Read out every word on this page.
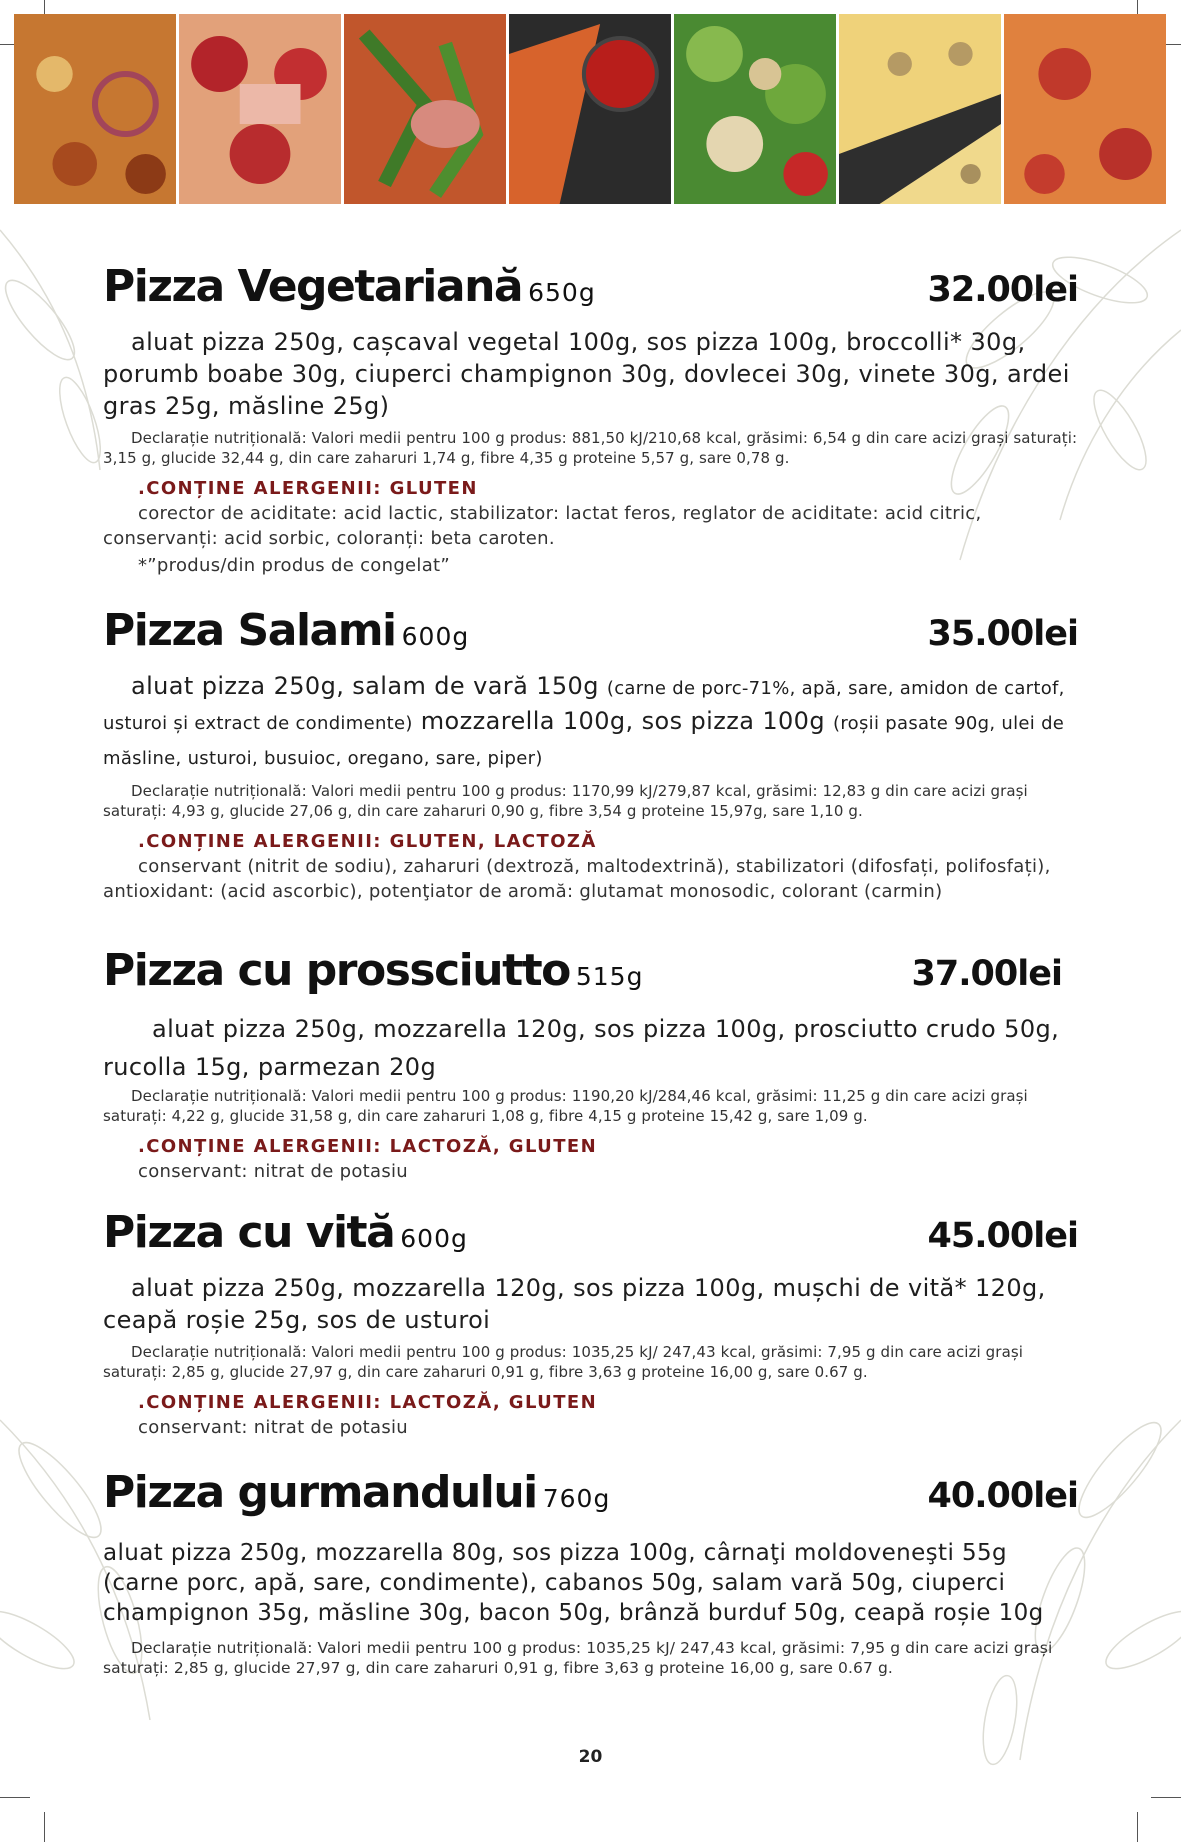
Pizza Vegetariană 650g	32.00lei
aluat pizza 250g, cașcaval vegetal 100g, sos pizza 100g, broccolli* 30g, porumb boabe 30g, ciuperci champignon 30g, dovlecei 30g, vinete 30g, ardei gras 25g, măsline 25g)
Declarație nutrițională: Valori medii pentru 100 g produs: 881,50 kJ/210,68 kcal, grăsimi: 6,54 g din care acizi grași saturați: 3,15 g, glucide 32,44 g, din care zaharuri 1,74 g, fibre 4,35 g proteine 5,57 g, sare 0,78 g.
.CONȚINE ALERGENII: GLUTEN
corector de aciditate: acid lactic, stabilizator: lactat feros, reglator de aciditate: acid citric, conservanți: acid sorbic, coloranți: beta caroten.
*”produs/din produs de congelat”
Pizza Salami 600g	35.00lei
aluat pizza 250g, salam de vară 150g (carne de porc-71%, apă, sare, amidon de cartof, usturoi și extract de condimente) mozzarella 100g, sos pizza 100g (roșii pasate 90g, ulei de măsline, usturoi, busuioc, oregano, sare, piper)
Declarație nutrițională: Valori medii pentru 100 g produs: 1170,99 kJ/279,87 kcal, grăsimi: 12,83 g din care acizi grași saturați: 4,93 g, glucide 27,06 g, din care zaharuri 0,90 g, fibre 3,54 g proteine 15,97g, sare 1,10 g.
.CONȚINE ALERGENII: GLUTEN, LACTOZĂ
conservant (nitrit de sodiu), zaharuri (dextroză, maltodextrină), stabilizatori (difosfați, polifosfați), antioxidant: (acid ascorbic), potenţiator de aromă: glutamat monosodic, colorant (carmin)
Pizza cu prossciutto 515g	37.00lei
aluat pizza 250g, mozzarella 120g, sos pizza 100g, prosciutto crudo 50g, rucolla 15g, parmezan 20g
Declarație nutrițională: Valori medii pentru 100 g produs: 1190,20 kJ/284,46 kcal, grăsimi: 11,25 g din care acizi grași saturați: 4,22 g, glucide 31,58 g, din care zaharuri 1,08 g, fibre 4,15 g proteine 15,42 g, sare 1,09 g.
.CONȚINE ALERGENII: LACTOZĂ, GLUTEN
conservant: nitrat de potasiu
Pizza cu vită 600g	45.00lei
aluat pizza 250g, mozzarella 120g, sos pizza 100g, mușchi de vită* 120g, ceapă roșie 25g, sos de usturoi
Declarație nutrițională: Valori medii pentru 100 g produs: 1035,25 kJ/ 247,43 kcal, grăsimi: 7,95 g din care acizi grași saturați: 2,85 g, glucide 27,97 g, din care zaharuri 0,91 g, fibre 3,63 g proteine 16,00 g, sare 0.67 g.
.CONȚINE ALERGENII: LACTOZĂ, GLUTEN
conservant: nitrat de potasiu
Pizza gurmandului 760g	40.00lei
aluat pizza 250g, mozzarella 80g, sos pizza 100g, cârnaţi moldoveneşti 55g (carne porc, apă, sare, condimente), cabanos 50g, salam vară 50g, ciuperci champignon 35g, măsline 30g, bacon 50g, brânză burduf 50g, ceapă roșie 10g
Declarație nutrițională: Valori medii pentru 100 g produs: 1035,25 kJ/ 247,43 kcal, grăsimi: 7,95 g din care acizi grași saturați: 2,85 g, glucide 27,97 g, din care zaharuri 0,91 g, fibre 3,63 g proteine 16,00 g, sare 0.67 g.
20
